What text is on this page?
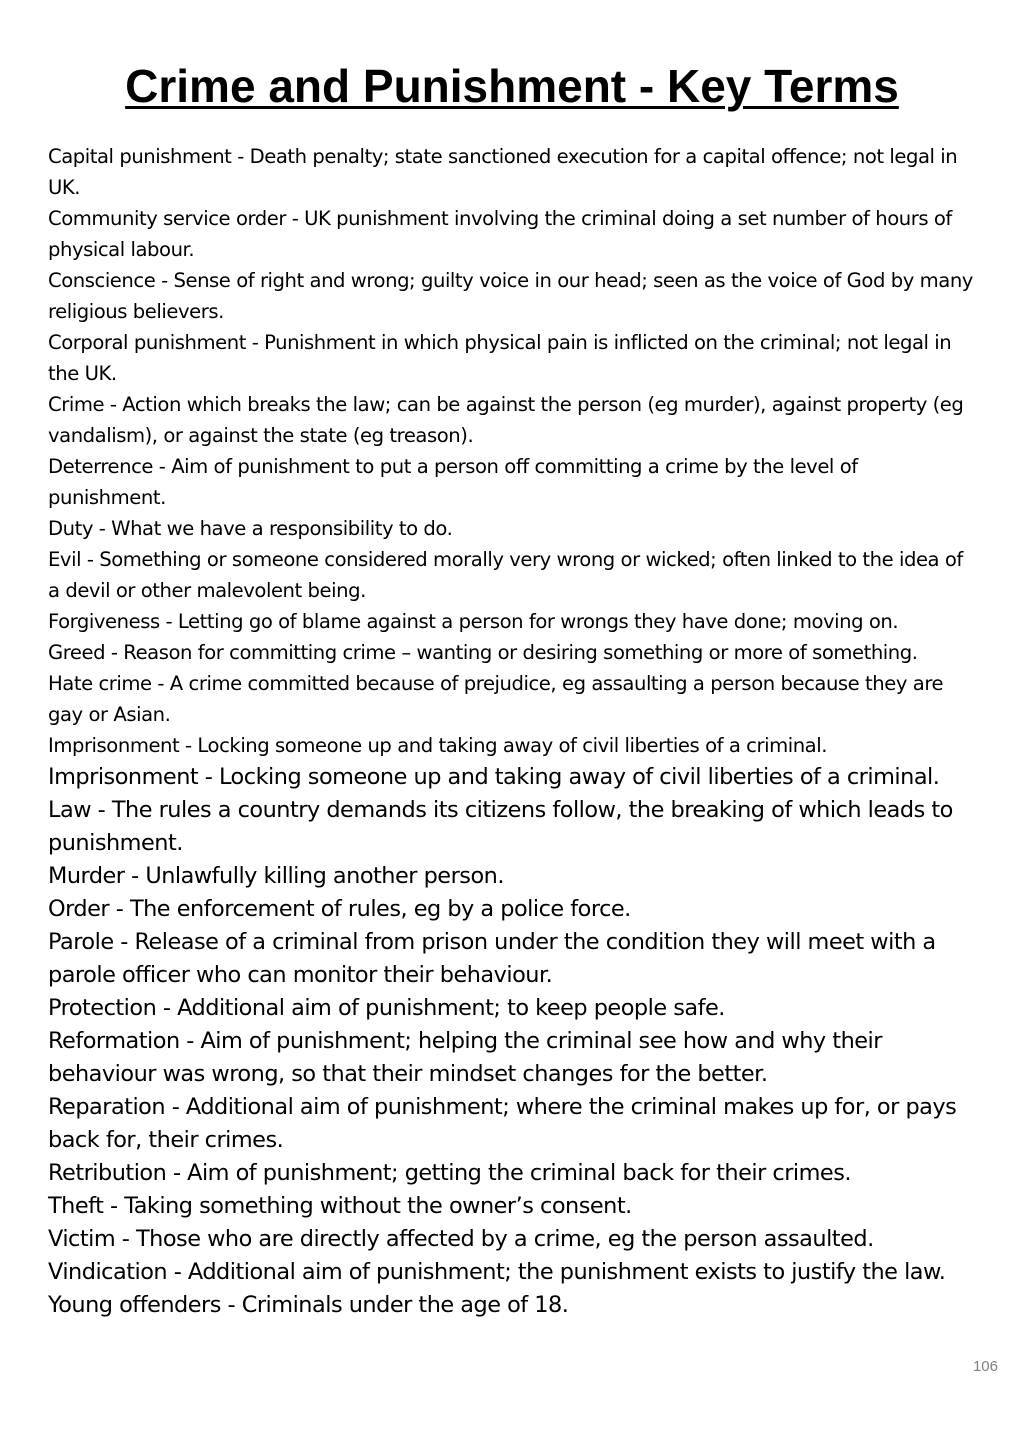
Crime and Punishment - Key Terms

Capital punishment - Death penalty; state sanctioned execution for a capital offence; not legal in UK.

Community service order - UK punishment involving the criminal doing a set number of hours of physical labour.

Conscience - Sense of right and wrong; guilty voice in our head; seen as the voice of God by many religious believers.

Corporal punishment - Punishment in which physical pain is inflicted on the criminal; not legal in the UK.

Crime - Action which breaks the law; can be against the person (eg murder), against property (eg vandalism), or against the state (eg treason).

Deterrence - Aim of punishment to put a person off committing a crime by the level of punishment.

Duty - What we have a responsibility to do.

Evil - Something or someone considered morally very wrong or wicked; often linked to the idea of a devil or other malevolent being.

Forgiveness - Letting go of blame against a person for wrongs they have done; moving on.

Greed - Reason for committing crime – wanting or desiring something or more of something.

Hate crime - A crime committed because of prejudice, eg assaulting a person because they are gay or Asian.

Imprisonment - Locking someone up and taking away of civil liberties of a criminal.

Imprisonment - Locking someone up and taking away of civil liberties of a criminal.

Law - The rules a country demands its citizens follow, the breaking of which leads to punishment.

Murder - Unlawfully killing another person.

Order - The enforcement of rules, eg by a police force.

Parole - Release of a criminal from prison under the condition they will meet with a parole officer who can monitor their behaviour.

Protection - Additional aim of punishment; to keep people safe.

Reformation - Aim of punishment; helping the criminal see how and why their behaviour was wrong, so that their mindset changes for the better.

Reparation - Additional aim of punishment; where the criminal makes up for, or pays back for, their crimes.

Retribution - Aim of punishment; getting the criminal back for their crimes.

Theft - Taking something without the owner’s consent.

Victim - Those who are directly affected by a crime, eg the person assaulted.

Vindication - Additional aim of punishment; the punishment exists to justify the law.

Young offenders - Criminals under the age of 18.

106
